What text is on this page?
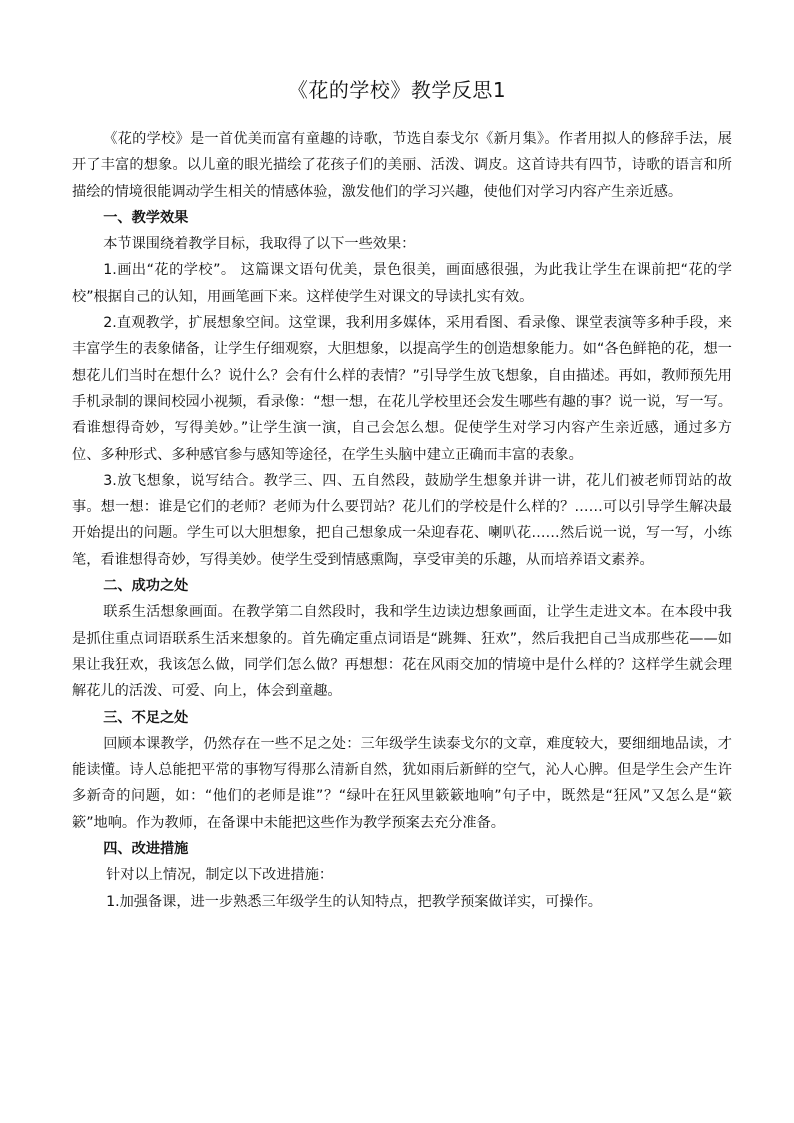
《花的学校》教学反思1

《花的学校》是一首优美而富有童趣的诗歌，节选自泰戈尔《新月集》。作者用拟人的修辞手法，展开了丰富的想象。以儿童的眼光描绘了花孩子们的美丽、活泼、调皮。这首诗共有四节，诗歌的语言和所描绘的情境很能调动学生相关的情感体验，激发他们的学习兴趣，使他们对学习内容产生亲近感。

一、教学效果

本节课围绕着教学目标，我取得了以下一些效果：

1.画出“花的学校”。 这篇课文语句优美，景色很美，画面感很强，为此我让学生在课前把“花的学校”根据自己的认知，用画笔画下来。这样使学生对课文的导读扎实有效。

2.直观教学，扩展想象空间。这堂课，我利用多媒体，采用看图、看录像、课堂表演等多种手段，来丰富学生的表象储备，让学生仔细观察，大胆想象，以提高学生的创造想象能力。如“各色鲜艳的花，想一想花儿们当时在想什么？说什么？会有什么样的表情？”引导学生放飞想象，自由描述。再如，教师预先用手机录制的课间校园小视频，看录像：“想一想，在花儿学校里还会发生哪些有趣的事？说一说，写一写。看谁想得奇妙，写得美妙。”让学生演一演，自己会怎么想。促使学生对学习内容产生亲近感，通过多方位、多种形式、多种感官参与感知等途径，在学生头脑中建立正确而丰富的表象。

3.放飞想象，说写结合。教学三、四、五自然段，鼓励学生想象并讲一讲，花儿们被老师罚站的故事。想一想：谁是它们的老师？老师为什么要罚站？花儿们的学校是什么样的？……可以引导学生解决最开始提出的问题。学生可以大胆想象，把自己想象成一朵迎春花、喇叭花……然后说一说，写一写，小练笔，看谁想得奇妙，写得美妙。使学生受到情感熏陶，享受审美的乐趣，从而培养语文素养。

二、成功之处

联系生活想象画面。在教学第二自然段时，我和学生边读边想象画面，让学生走进文本。在本段中我是抓住重点词语联系生活来想象的。首先确定重点词语是“跳舞、狂欢”，然后我把自己当成那些花——如果让我狂欢，我该怎么做，同学们怎么做？再想想：花在风雨交加的情境中是什么样的？这样学生就会理解花儿的活泼、可爱、向上，体会到童趣。

三、不足之处

回顾本课教学，仍然存在一些不足之处：三年级学生读泰戈尔的文章，难度较大，要细细地品读，才能读懂。诗人总能把平常的事物写得那么清新自然，犹如雨后新鲜的空气，沁人心脾。但是学生会产生许多新奇的问题，如：“他们的老师是谁”？“绿叶在狂风里簌簌地响”句子中，既然是“狂风”又怎么是“簌簌”地响。作为教师，在备课中未能把这些作为教学预案去充分准备。

四、改进措施

针对以上情况，制定以下改进措施：

1.加强备课，进一步熟悉三年级学生的认知特点，把教学预案做详实，可操作。
